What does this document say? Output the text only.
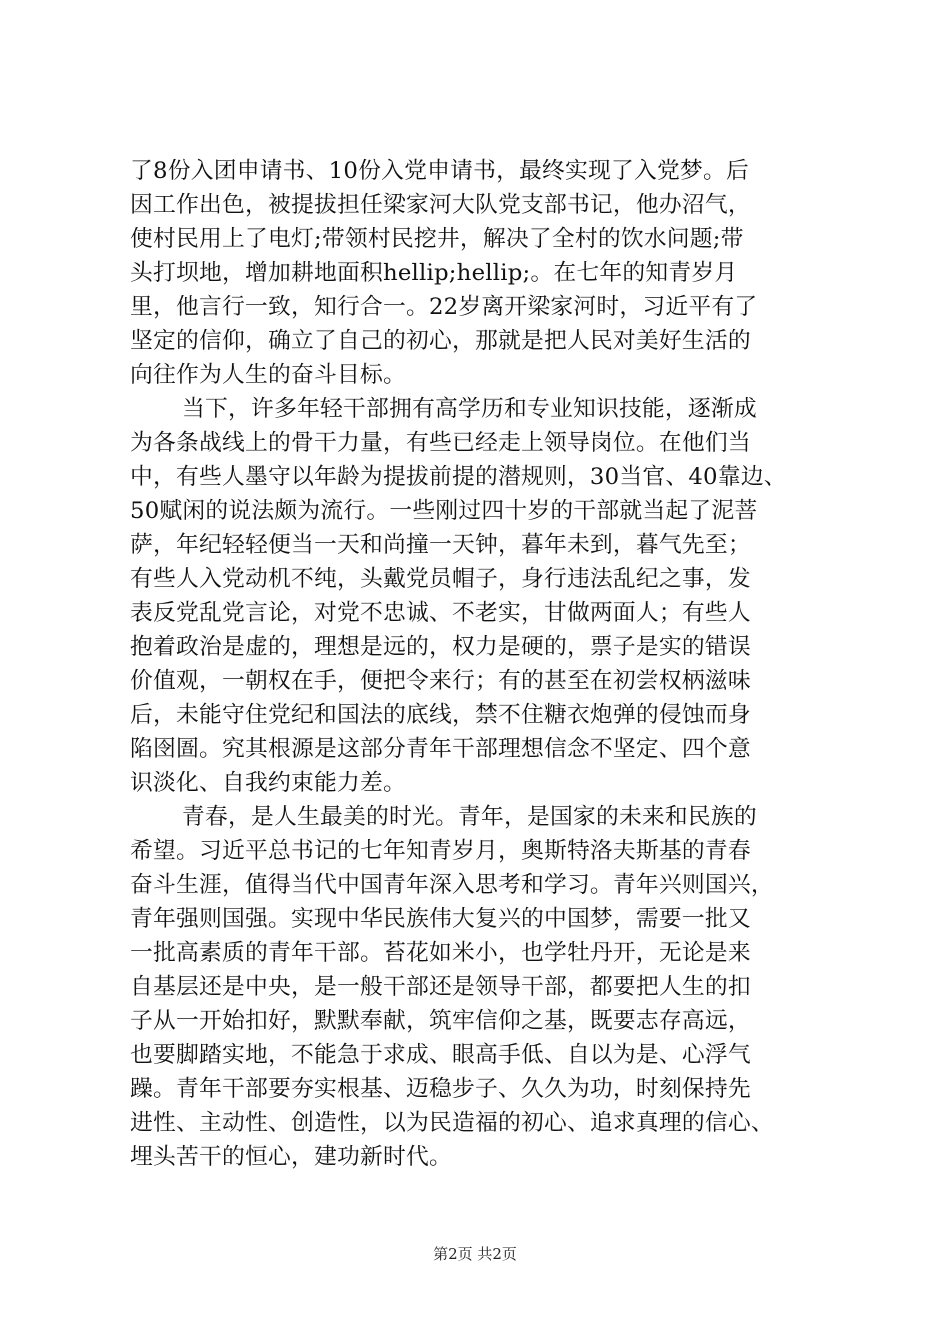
了8份入团申请书、10份入党申请书，最终实现了入党梦。后
因工作出色，被提拔担任梁家河大队党支部书记，他办沼气，
使村民用上了电灯;带领村民挖井，解决了全村的饮水问题;带
头打坝地，增加耕地面积hellip;hellip;。在七年的知青岁月
里，他言行一致，知行合一。22岁离开梁家河时，习近平有了
坚定的信仰，确立了自己的初心，那就是把人民对美好生活的
向往作为人生的奋斗目标。
当下，许多年轻干部拥有高学历和专业知识技能，逐渐成
为各条战线上的骨干力量，有些已经走上领导岗位。在他们当
中，有些人墨守以年龄为提拔前提的潜规则，30当官、40靠边、
50赋闲的说法颇为流行。一些刚过四十岁的干部就当起了泥菩
萨，年纪轻轻便当一天和尚撞一天钟，暮年未到，暮气先至；
有些人入党动机不纯，头戴党员帽子，身行违法乱纪之事，发
表反党乱党言论，对党不忠诚、不老实，甘做两面人；有些人
抱着政治是虚的，理想是远的，权力是硬的，票子是实的错误
价值观，一朝权在手，便把令来行；有的甚至在初尝权柄滋味
后，未能守住党纪和国法的底线，禁不住糖衣炮弹的侵蚀而身
陷囹圄。究其根源是这部分青年干部理想信念不坚定、四个意
识淡化、自我约束能力差。
青春，是人生最美的时光。青年，是国家的未来和民族的
希望。习近平总书记的七年知青岁月，奥斯特洛夫斯基的青春
奋斗生涯，值得当代中国青年深入思考和学习。青年兴则国兴，
青年强则国强。实现中华民族伟大复兴的中国梦，需要一批又
一批高素质的青年干部。苔花如米小，也学牡丹开，无论是来
自基层还是中央，是一般干部还是领导干部，都要把人生的扣
子从一开始扣好，默默奉献，筑牢信仰之基，既要志存高远，
也要脚踏实地，不能急于求成、眼高手低、自以为是、心浮气
躁。青年干部要夯实根基、迈稳步子、久久为功，时刻保持先
进性、主动性、创造性，以为民造福的初心、追求真理的信心、
埋头苦干的恒心，建功新时代。
第2页 共2页
